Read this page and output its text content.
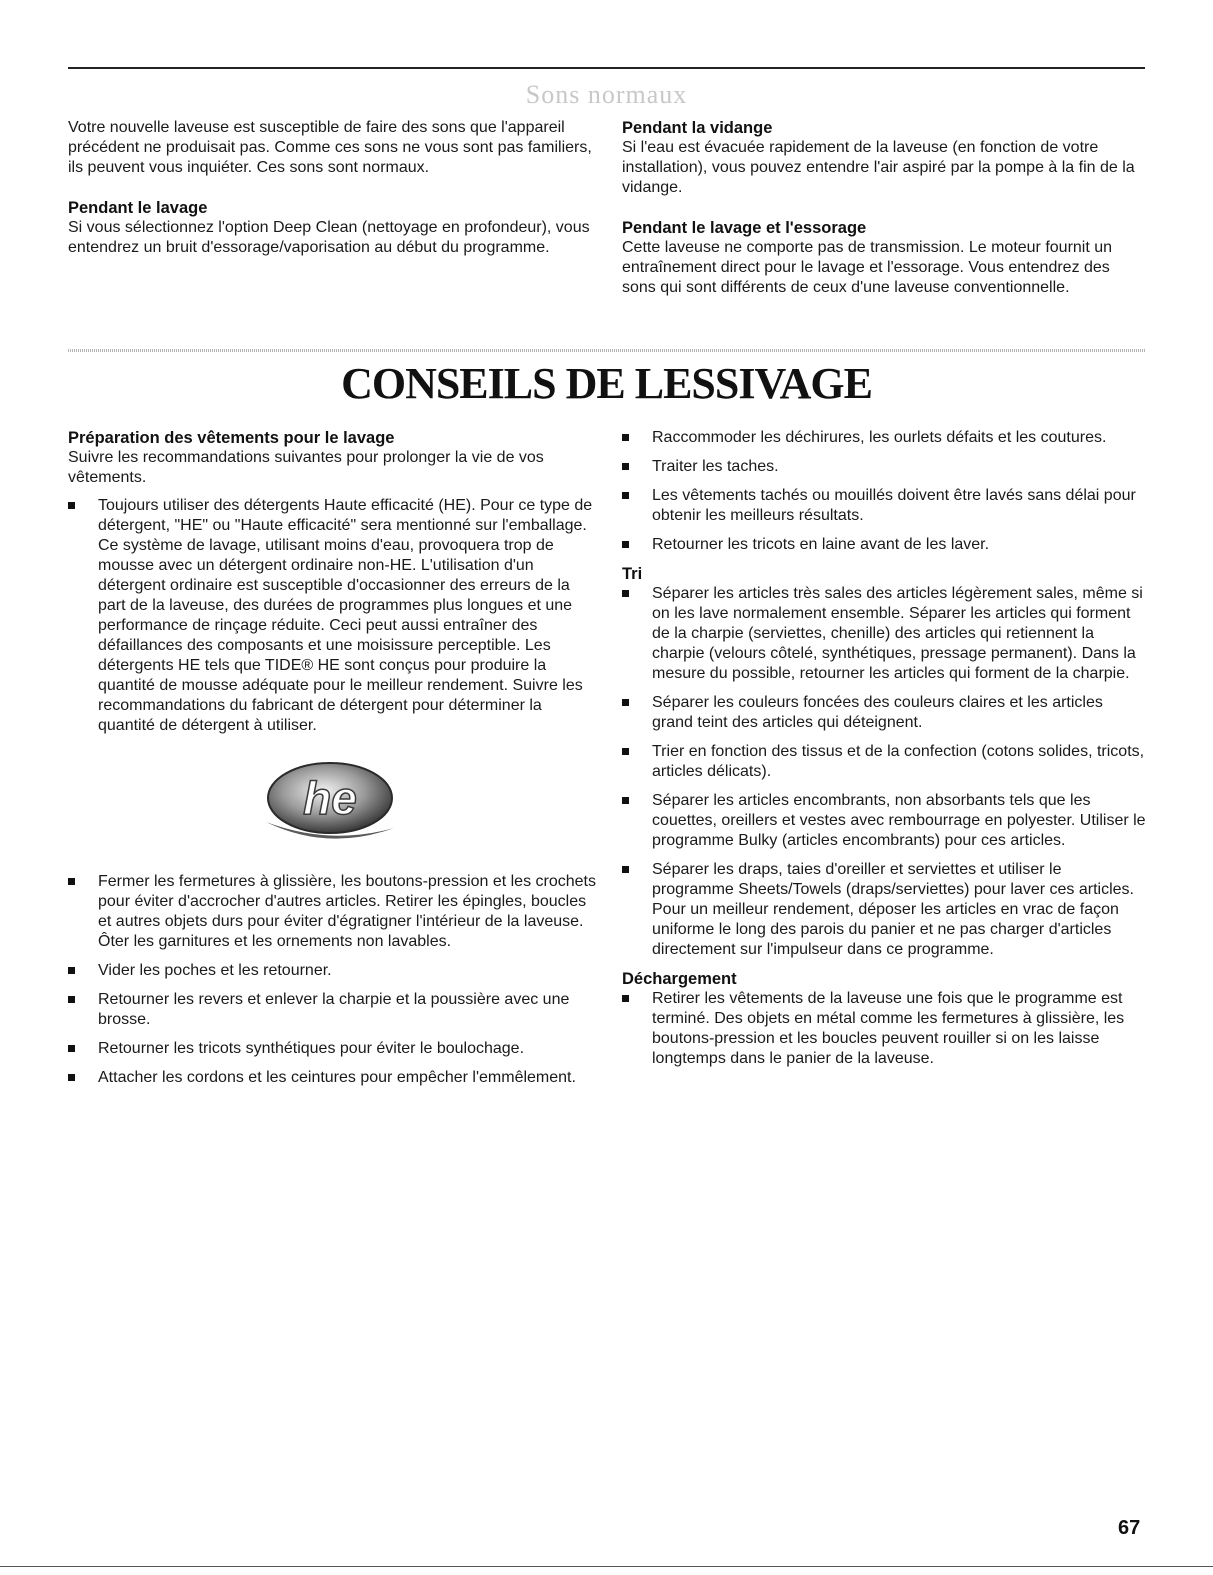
Sons normaux

Votre nouvelle laveuse est susceptible de faire des sons que l'appareil précédent ne produisait pas. Comme ces sons ne vous sont pas familiers, ils peuvent vous inquiéter. Ces sons sont normaux.

Pendant le lavage

Si vous sélectionnez l'option Deep Clean (nettoyage en profondeur), vous entendrez un bruit d'essorage/vaporisation au début du programme.

Pendant la vidange

Si l'eau est évacuée rapidement de la laveuse (en fonction de votre installation), vous pouvez entendre l'air aspiré par la pompe à la fin de la vidange.

Pendant le lavage et l'essorage

Cette laveuse ne comporte pas de transmission. Le moteur fournit un entraînement direct pour le lavage et l'essorage. Vous entendrez des sons qui sont différents de ceux d'une laveuse conventionnelle.

CONSEILS DE LESSIVAGE
Préparation des vêtements pour le lavage

Suivre les recommandations suivantes pour prolonger la vie de vos vêtements.

Toujours utiliser des détergents Haute efficacité (HE). Pour ce type de détergent, "HE" ou "Haute efficacité" sera mentionné sur l'emballage. Ce système de lavage, utilisant moins d'eau, provoquera trop de mousse avec un détergent ordinaire non-HE. L'utilisation d'un détergent ordinaire est susceptible d'occasionner des erreurs de la part de la laveuse, des durées de programmes plus longues et une performance de rinçage réduite. Ceci peut aussi entraîner des défaillances des composants et une moisissure perceptible. Les détergents HE tels que TIDE® HE sont conçus pour produire la quantité de mousse adéquate pour le meilleur rendement. Suivre les recommandations du fabricant de détergent pour déterminer la quantité de détergent à utiliser.
he
Fermer les fermetures à glissière, les boutons-pression et les crochets pour éviter d'accrocher d'autres articles. Retirer les épingles, boucles et autres objets durs pour éviter d'égratigner l'intérieur de la laveuse. Ôter les garnitures et les ornements non lavables.
Vider les poches et les retourner.
Retourner les revers et enlever la charpie et la poussière avec une brosse.
Retourner les tricots synthétiques pour éviter le boulochage.
Attacher les cordons et les ceintures pour empêcher l'emmêlement.
Raccommoder les déchirures, les ourlets défaits et les coutures.
Traiter les taches.
Les vêtements tachés ou mouillés doivent être lavés sans délai pour obtenir les meilleurs résultats.
Retourner les tricots en laine avant de les laver.
Tri
Séparer les articles très sales des articles légèrement sales, même si on les lave normalement ensemble. Séparer les articles qui forment de la charpie (serviettes, chenille) des articles qui retiennent la charpie (velours côtelé, synthétiques, pressage permanent). Dans la mesure du possible, retourner les articles qui forment de la charpie.
Séparer les couleurs foncées des couleurs claires et les articles grand teint des articles qui déteignent.
Trier en fonction des tissus et de la confection (cotons solides, tricots, articles délicats).
Séparer les articles encombrants, non absorbants tels que les couettes, oreillers et vestes avec rembourrage en polyester. Utiliser le programme Bulky (articles encombrants) pour ces articles.
Séparer les draps, taies d'oreiller et serviettes et utiliser le programme Sheets/Towels (draps/serviettes) pour laver ces articles. Pour un meilleur rendement, déposer les articles en vrac de façon uniforme le long des parois du panier et ne pas charger d'articles directement sur l'impulseur dans ce programme.
Déchargement
Retirer les vêtements de la laveuse une fois que le programme est terminé. Des objets en métal comme les fermetures à glissière, les boutons-pression et les boucles peuvent rouiller si on les laisse longtemps dans le panier de la laveuse.
67
